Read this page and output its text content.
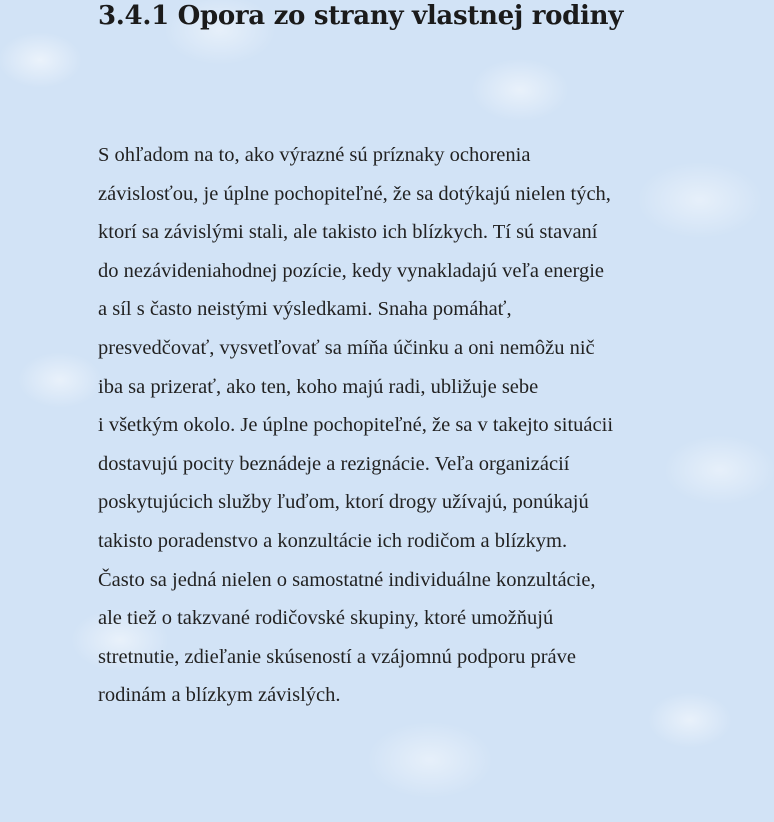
3.4.1 Opora zo strany vlastnej rodiny
S ohľadom na to, ako výrazné sú príznaky ochorenia
závislosťou, je úplne pochopiteľné, že sa dotýkajú nielen tých,
ktorí sa závislými stali, ale takisto ich blízkych. Tí sú stavaní
do nezávideniahodnej pozície, kedy vynakladajú veľa energie
a síl s často neistými výsledkami. Snaha pomáhať,
presvedčovať, vysvetľovať sa míňa účinku a oni nemôžu nič
iba sa prizerať, ako ten, koho majú radi, ubližuje sebe
i všetkým okolo. Je úplne pochopiteľné, že sa v takejto situácii
dostavujú pocity beznádeje a rezignácie. Veľa organizácií
poskytujúcich služby ľuďom, ktorí drogy užívajú, ponúkajú
takisto poradenstvo a konzultácie ich rodičom a blízkym.
Často sa jedná nielen o samostatné individuálne konzultácie,
ale tiež o takzvané rodičovské skupiny, ktoré umožňujú
stretnutie, zdieľanie skúseností a vzájomnú podporu práve
rodinám a blízkym závislých.
